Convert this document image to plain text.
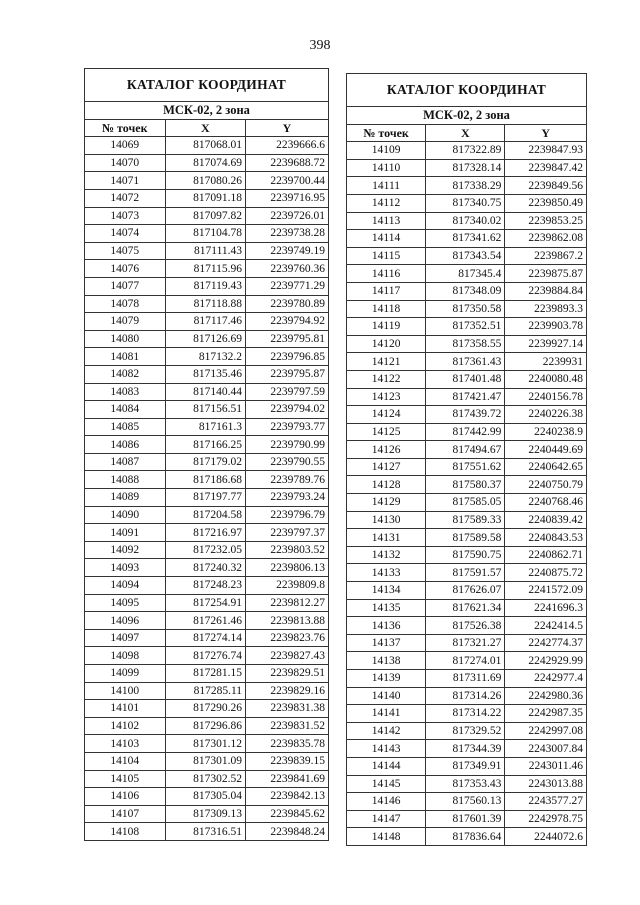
398
КАТАЛОГ КООРДИНАТ		
МСК-02, 2 зона		
№ точек	X	Y
14069	817068.01	2239666.6
14070	817074.69	2239688.72
14071	817080.26	2239700.44
14072	817091.18	2239716.95
14073	817097.82	2239726.01
14074	817104.78	2239738.28
14075	817111.43	2239749.19
14076	817115.96	2239760.36
14077	817119.43	2239771.29
14078	817118.88	2239780.89
14079	817117.46	2239794.92
14080	817126.69	2239795.81
14081	817132.2	2239796.85
14082	817135.46	2239795.87
14083	817140.44	2239797.59
14084	817156.51	2239794.02
14085	817161.3	2239793.77
14086	817166.25	2239790.99
14087	817179.02	2239790.55
14088	817186.68	2239789.76
14089	817197.77	2239793.24
14090	817204.58	2239796.79
14091	817216.97	2239797.37
14092	817232.05	2239803.52
14093	817240.32	2239806.13
14094	817248.23	2239809.8
14095	817254.91	2239812.27
14096	817261.46	2239813.88
14097	817274.14	2239823.76
14098	817276.74	2239827.43
14099	817281.15	2239829.51
14100	817285.11	2239829.16
14101	817290.26	2239831.38
14102	817296.86	2239831.52
14103	817301.12	2239835.78
14104	817301.09	2239839.15
14105	817302.52	2239841.69
14106	817305.04	2239842.13
14107	817309.13	2239845.62
14108	817316.51	2239848.24
КАТАЛОГ КООРДИНАТ		
МСК-02, 2 зона		
№ точек	X	Y
14109	817322.89	2239847.93
14110	817328.14	2239847.42
14111	817338.29	2239849.56
14112	817340.75	2239850.49
14113	817340.02	2239853.25
14114	817341.62	2239862.08
14115	817343.54	2239867.2
14116	817345.4	2239875.87
14117	817348.09	2239884.84
14118	817350.58	2239893.3
14119	817352.51	2239903.78
14120	817358.55	2239927.14
14121	817361.43	2239931
14122	817401.48	2240080.48
14123	817421.47	2240156.78
14124	817439.72	2240226.38
14125	817442.99	2240238.9
14126	817494.67	2240449.69
14127	817551.62	2240642.65
14128	817580.37	2240750.79
14129	817585.05	2240768.46
14130	817589.33	2240839.42
14131	817589.58	2240843.53
14132	817590.75	2240862.71
14133	817591.57	2240875.72
14134	817626.07	2241572.09
14135	817621.34	2241696.3
14136	817526.38	2242414.5
14137	817321.27	2242774.37
14138	817274.01	2242929.99
14139	817311.69	2242977.4
14140	817314.26	2242980.36
14141	817314.22	2242987.35
14142	817329.52	2242997.08
14143	817344.39	2243007.84
14144	817349.91	2243011.46
14145	817353.43	2243013.88
14146	817560.13	2243577.27
14147	817601.39	2242978.75
14148	817836.64	2244072.6
